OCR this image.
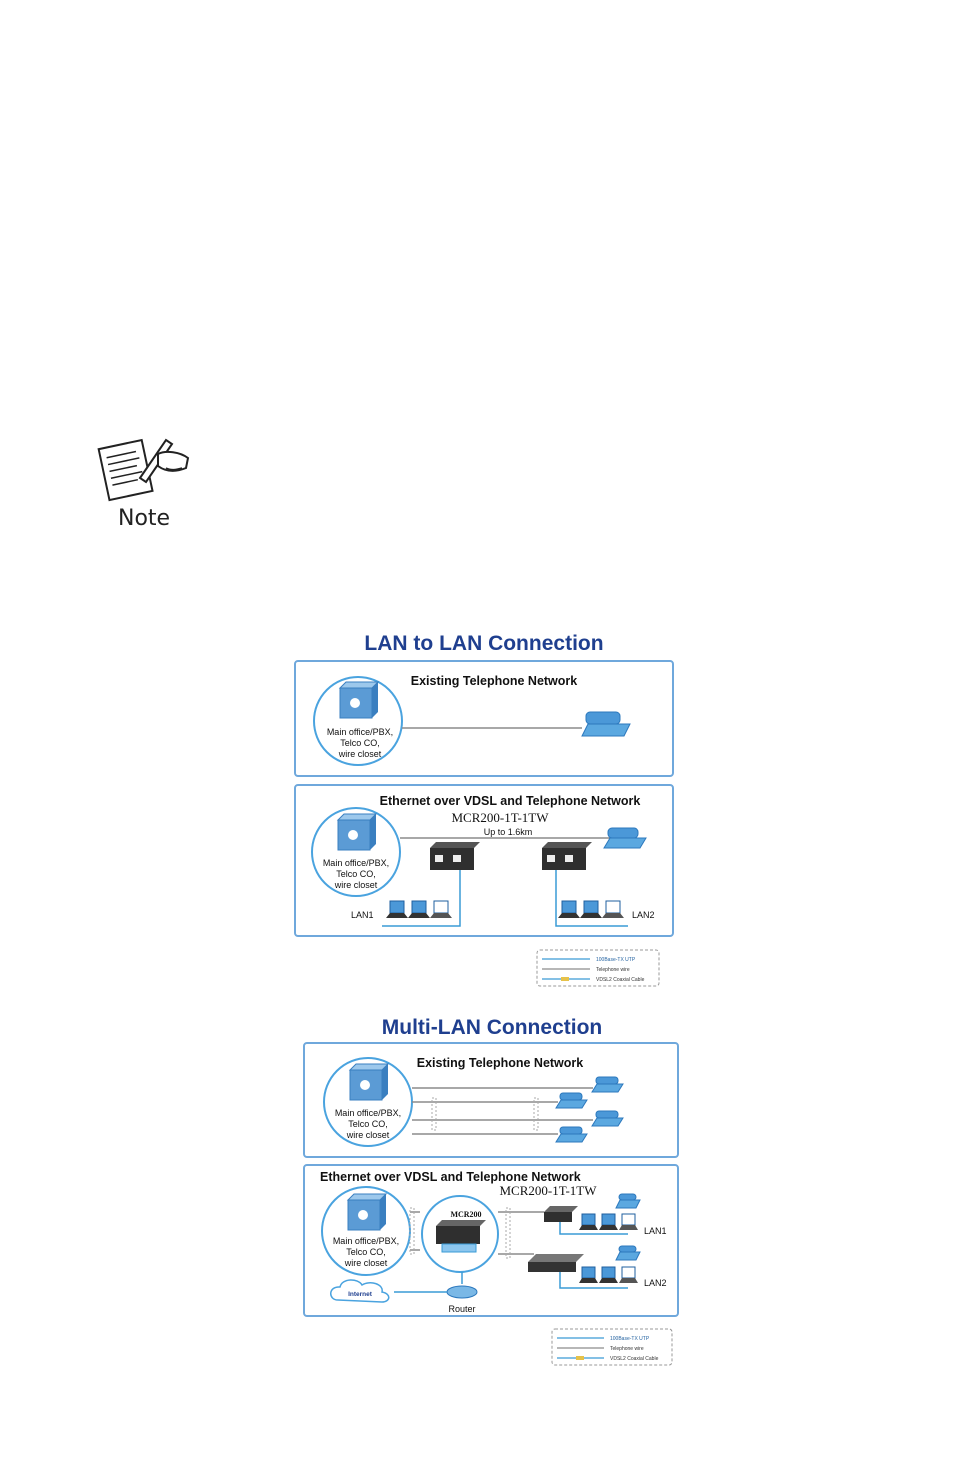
Note
LAN to LAN Connection
Existing Telephone Network
Main office/PBX,
Telco CO,
wire closet
Ethernet over VDSL and Telephone Network
MCR200-1T-1TW
Up to 1.6km
Main office/PBX,
Telco CO,
wire closet
LAN1	LAN2
100Base-TX UTP
Telephone wire
VDSL2 Coaxial Cable
Multi-LAN Connection
Existing Telephone Network
Main office/PBX,
Telco CO,
wire closet
Ethernet over VDSL and Telephone Network
MCR200-1T-1TW
Main office/PBX,
Telco CO,
wire closet
MCR200
LAN1
LAN2
Router
Internet
100Base-TX UTP
Telephone wire
VDSL2 Coaxial Cable
